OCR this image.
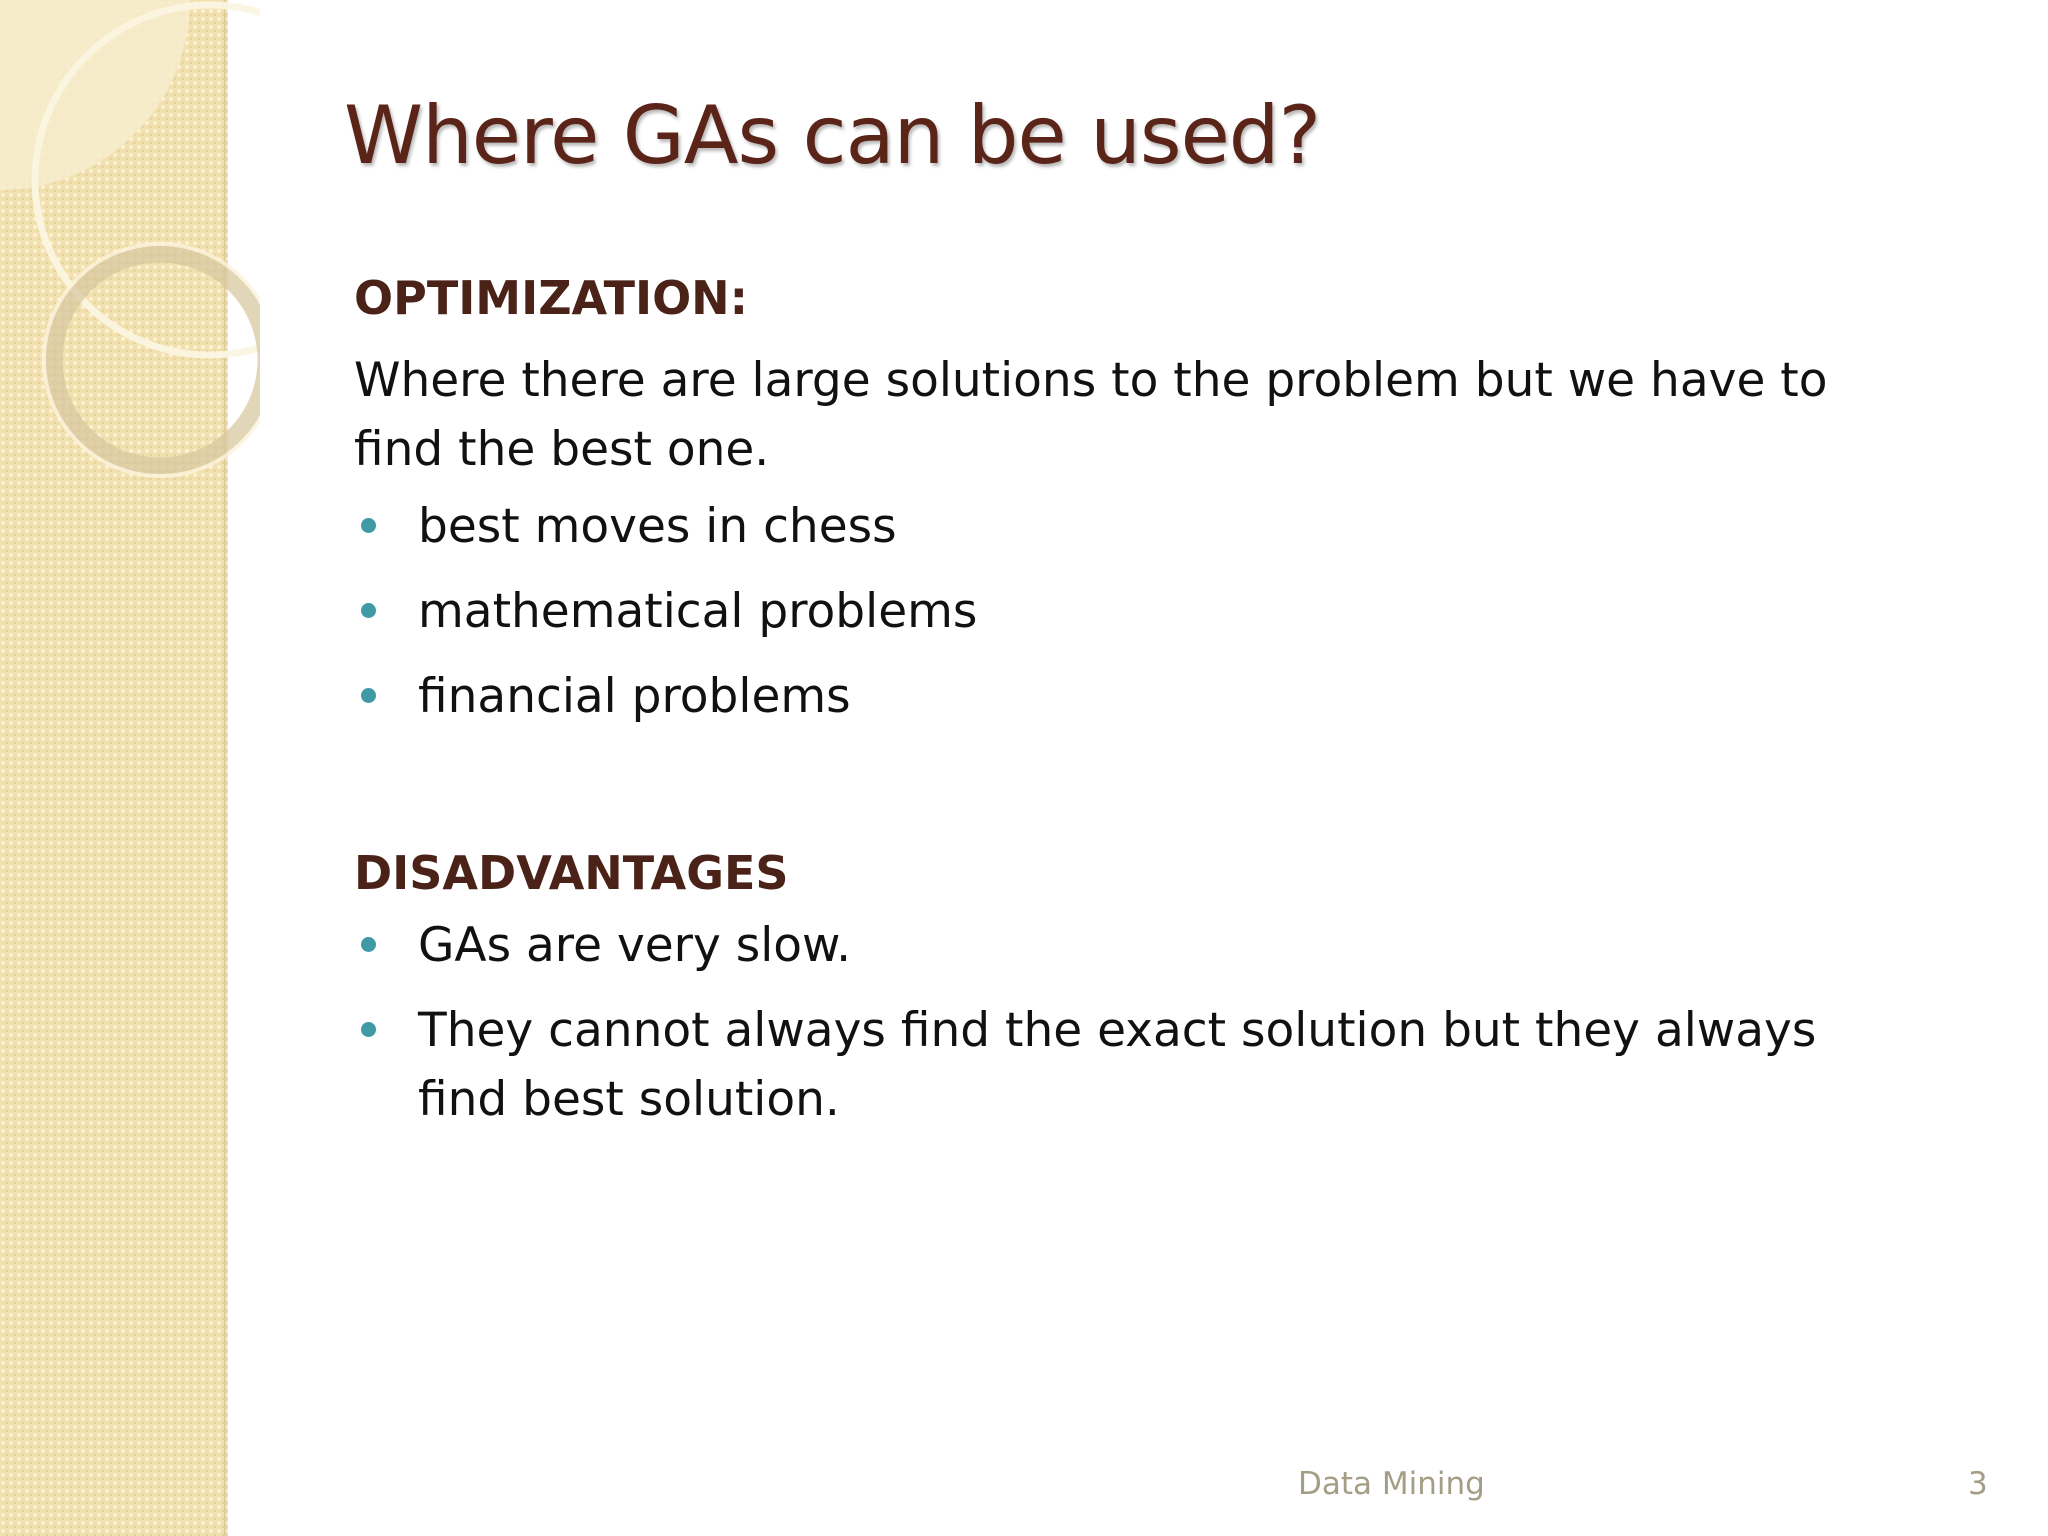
Where GAs can be used?

OPTIMIZATION:

Where there are large solutions to the problem but we have to find the best one.

best moves in chess
mathematical problems
financial problems

DISADVANTAGES

GAs are very slow.
They cannot always find the exact solution but they always find best solution.
Data Mining	3
